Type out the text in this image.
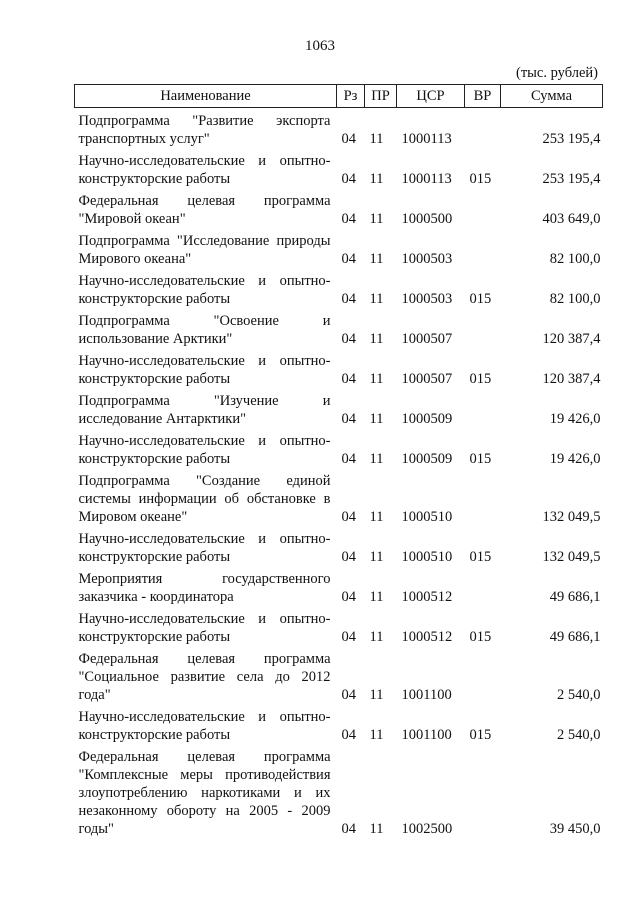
1063
(тыс. рублей)
Наименование	Рз	ПР	ЦСР	ВР	Сумма
Подпрограмма "Развитие экспорта транспортных услуг"	04	11	1000113		253 195,4
Научно-исследовательские и опытно-конструкторские работы	04	11	1000113	015	253 195,4
Федеральная целевая программа "Мировой океан"	04	11	1000500		403 649,0
Подпрограмма "Исследование природы Мирового океана"	04	11	1000503		82 100,0
Научно-исследовательские и опытно-конструкторские работы	04	11	1000503	015	82 100,0
Подпрограмма "Освоение и использование Арктики"	04	11	1000507		120 387,4
Научно-исследовательские и опытно-конструкторские работы	04	11	1000507	015	120 387,4
Подпрограмма "Изучение и исследование Антарктики"	04	11	1000509		19 426,0
Научно-исследовательские и опытно-конструкторские работы	04	11	1000509	015	19 426,0
Подпрограмма "Создание единой системы информации об обстановке в Мировом океане"	04	11	1000510		132 049,5
Научно-исследовательские и опытно-конструкторские работы	04	11	1000510	015	132 049,5
Мероприятия государственного заказчика - координатора	04	11	1000512		49 686,1
Научно-исследовательские и опытно-конструкторские работы	04	11	1000512	015	49 686,1
Федеральная целевая программа "Социальное развитие села до 2012 года"	04	11	1001100		2 540,0
Научно-исследовательские и опытно-конструкторские работы	04	11	1001100	015	2 540,0
Федеральная целевая программа "Комплексные меры противодействия злоупотреблению наркотиками и их незаконному обороту на 2005 - 2009 годы"	04	11	1002500		39 450,0
